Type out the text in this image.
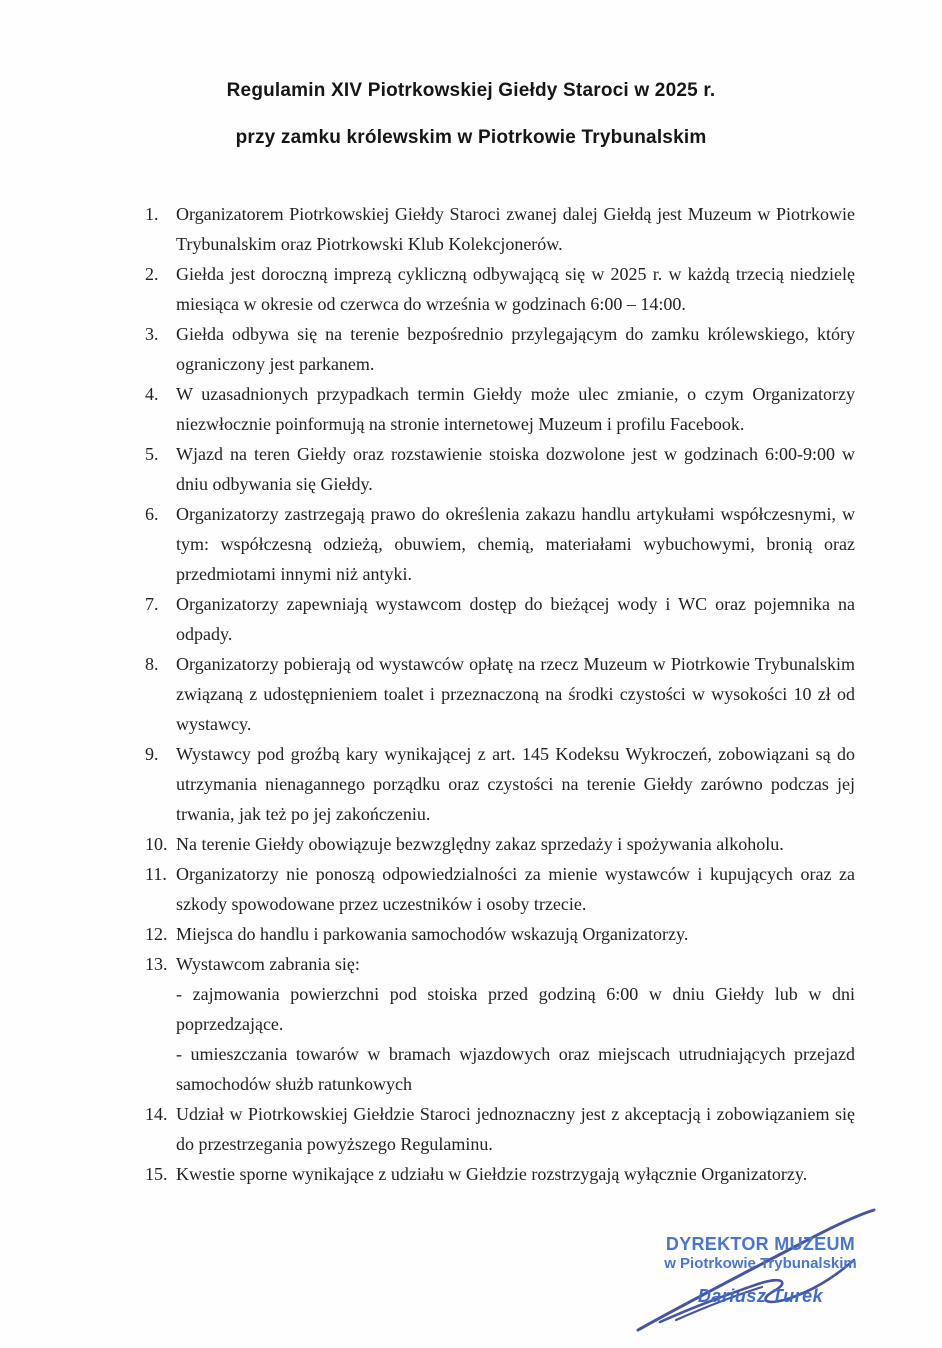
Regulamin XIV Piotrkowskiej Giełdy Staroci w 2025 r.

przy zamku królewskim w Piotrkowie Trybunalskim

1. Organizatorem Piotrkowskiej Giełdy Staroci zwanej dalej Giełdą jest Muzeum w Piotrkowie Trybunalskim oraz Piotrkowski Klub Kolekcjonerów.
2. Giełda jest doroczną imprezą cykliczną odbywającą się w 2025 r. w każdą trzecią niedzielę miesiąca w okresie od czerwca do września w godzinach 6:00 – 14:00.
3. Giełda odbywa się na terenie bezpośrednio przylegającym do zamku królewskiego, który ograniczony jest parkanem.
4. W uzasadnionych przypadkach termin Giełdy może ulec zmianie, o czym Organizatorzy niezwłocznie poinformują na stronie internetowej Muzeum i profilu Facebook.
5. Wjazd na teren Giełdy oraz rozstawienie stoiska dozwolone jest w godzinach 6:00-9:00 w dniu odbywania się Giełdy.
6. Organizatorzy zastrzegają prawo do określenia zakazu handlu artykułami współczesnymi, w tym: współczesną odzieżą, obuwiem, chemią, materiałami wybuchowymi, bronią oraz przedmiotami innymi niż antyki.
7. Organizatorzy zapewniają wystawcom dostęp do bieżącej wody i WC oraz pojemnika na odpady.
8. Organizatorzy pobierają od wystawców opłatę na rzecz Muzeum w Piotrkowie Trybunalskim związaną z udostępnieniem toalet i przeznaczoną na środki czystości w wysokości 10 zł od wystawcy.
9. Wystawcy pod groźbą kary wynikającej z art. 145 Kodeksu Wykroczeń, zobowiązani są do utrzymania nienagannego porządku oraz czystości na terenie Giełdy zarówno podczas jej trwania, jak też po jej zakończeniu.
10. Na terenie Giełdy obowiązuje bezwzględny zakaz sprzedaży i spożywania alkoholu.
11. Organizatorzy nie ponoszą odpowiedzialności za mienie wystawców i kupujących oraz za szkody spowodowane przez uczestników i osoby trzecie.
12. Miejsca do handlu i parkowania samochodów wskazują Organizatorzy.
13. Wystawcom zabrania się:
- zajmowania powierzchni pod stoiska przed godziną 6:00 w dniu Giełdy lub w dni poprzedzające.
- umieszczania towarów w bramach wjazdowych oraz miejscach utrudniających przejazd samochodów służb ratunkowych
14. Udział w Piotrkowskiej Giełdzie Staroci jednoznaczny jest z akceptacją i zobowiązaniem się do przestrzegania powyższego Regulaminu.
15. Kwestie sporne wynikające z udziału w Giełdzie rozstrzygają wyłącznie Organizatorzy.
DYREKTOR MUZEUM
w Piotrkowie Trybunalskim
Dariusz Turek
